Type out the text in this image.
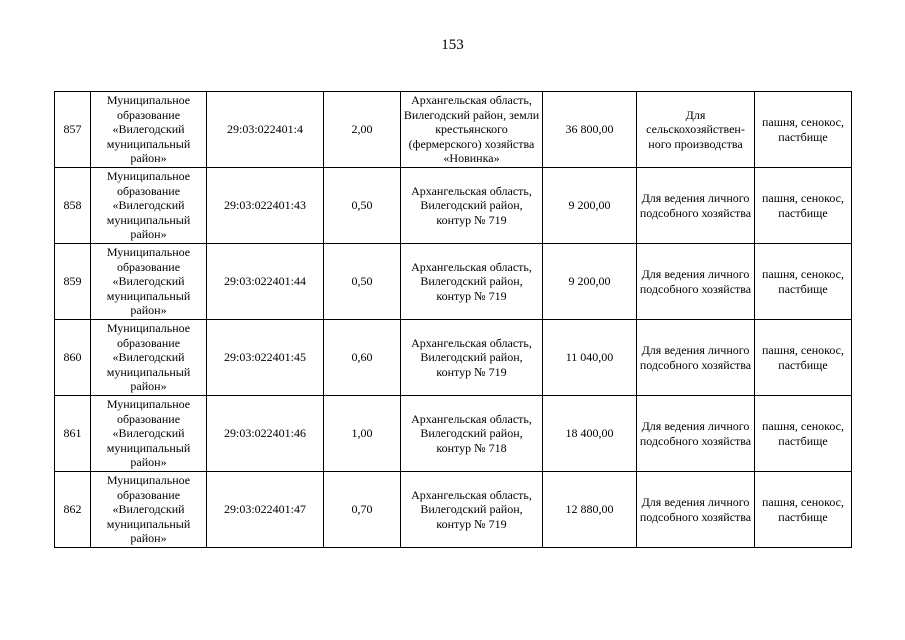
153
857	Муниципальное образование «Вилегодский муниципальный район»	29:03:022401:4	2,00	Архангельская область, Вилегодский район, земли крестьянского (фермерского) хозяйства «Новинка»	36 800,00	Для сельскохозяйствен-ного производства	пашня, сенокос, пастбище
858	Муниципальное образование «Вилегодский муниципальный район»	29:03:022401:43	0,50	Архангельская область, Вилегодский район, контур № 719	9 200,00	Для ведения личного подсобного хозяйства	пашня, сенокос, пастбище
859	Муниципальное образование «Вилегодский муниципальный район»	29:03:022401:44	0,50	Архангельская область, Вилегодский район, контур № 719	9 200,00	Для ведения личного подсобного хозяйства	пашня, сенокос, пастбище
860	Муниципальное образование «Вилегодский муниципальный район»	29:03:022401:45	0,60	Архангельская область, Вилегодский район, контур № 719	11 040,00	Для ведения личного подсобного хозяйства	пашня, сенокос, пастбище
861	Муниципальное образование «Вилегодский муниципальный район»	29:03:022401:46	1,00	Архангельская область, Вилегодский район, контур № 718	18 400,00	Для ведения личного подсобного хозяйства	пашня, сенокос, пастбище
862	Муниципальное образование «Вилегодский муниципальный район»	29:03:022401:47	0,70	Архангельская область, Вилегодский район, контур № 719	12 880,00	Для ведения личного подсобного хозяйства	пашня, сенокос, пастбище
